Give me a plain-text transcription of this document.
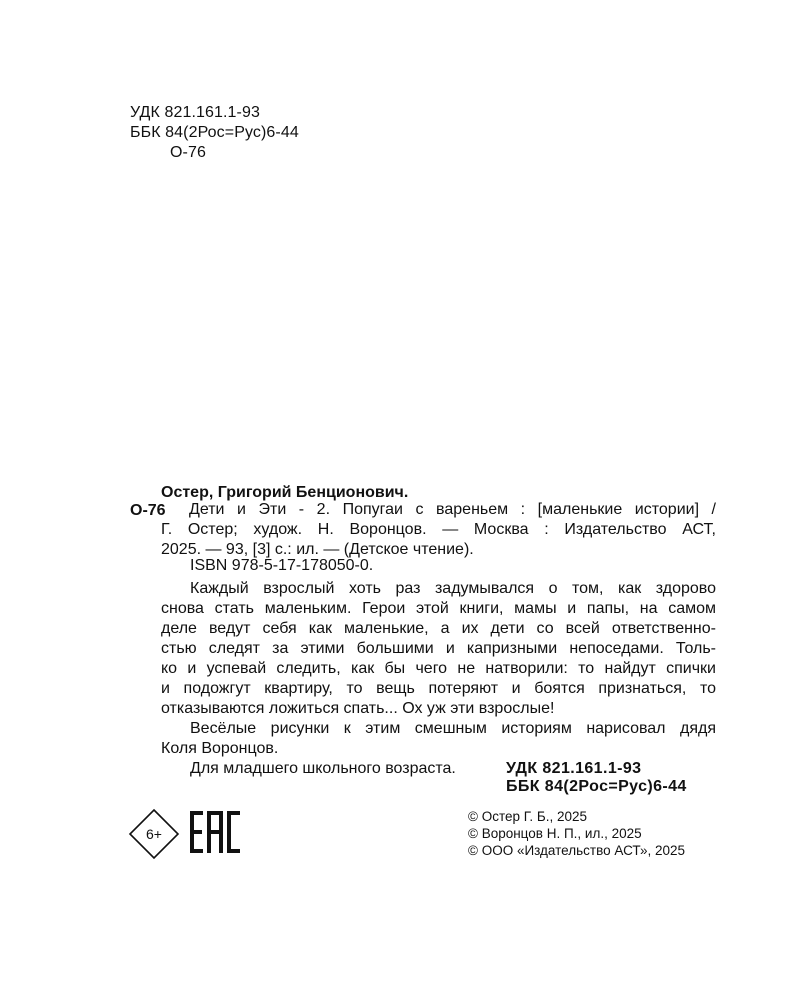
УДК 821.161.1-93
ББК 84(2Рос=Рус)6-44
О-76
Остер, Григорий Бенционович.
О-76	Дети и Эти - 2. Попугаи с вареньем : [маленькие истории] /
Г. Остер; худож. Н. Воронцов. — Москва : Издательство АСТ,
2025. — 93, [3] с.: ил. — (Детское чтение).
ISBN 978-5-17-178050-0.
Каждый взрослый хоть раз задумывался о том, как здорово
снова стать маленьким. Герои этой книги, мамы и папы, на самом
деле ведут себя как маленькие, а их дети со всей ответственно-
стью следят за этими большими и капризными непоседами. Толь-
ко и успевай следить, как бы чего не натворили: то найдут спички
и подожгут квартиру, то вещь потеряют и боятся признаться, то
отказываются ложиться спать... Ох уж эти взрослые!
Весёлые рисунки к этим смешным историям нарисовал дядя
Коля Воронцов.
Для младшего школьного возраста.	УДК 821.161.1-93
ББК 84(2Рос=Рус)6-44
© Остер Г. Б., 2025
© Воронцов Н. П., ил., 2025
© ООО «Издательство АСТ», 2025
6+
